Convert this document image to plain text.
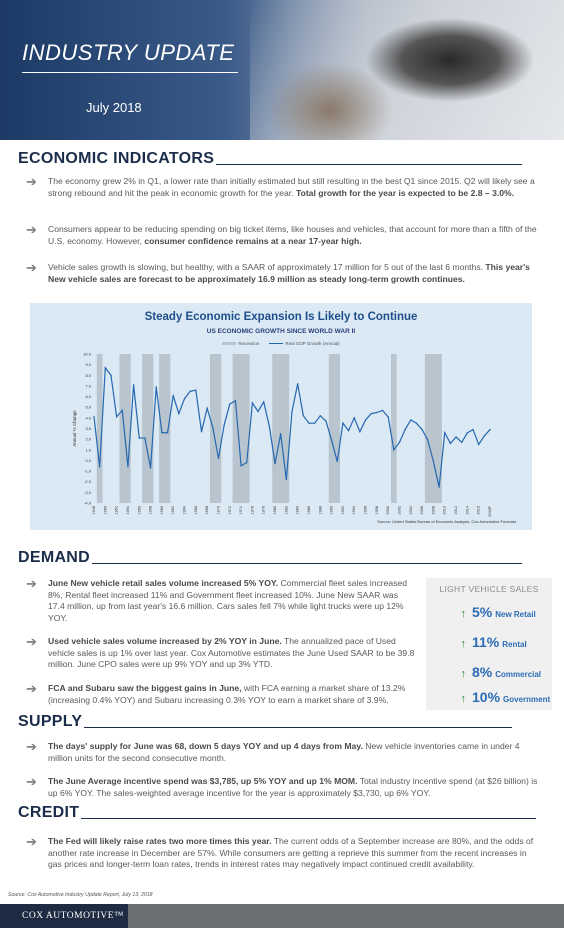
INDUSTRY UPDATE
July 2018
ECONOMIC INDICATORS
➔	The economy grew 2% in Q1, a lower rate than initially estimated but still resulting in the best Q1 since 2015. Q2 will likely see a strong rebound and hit the peak in economic growth for the year. Total growth for the year is expected to be 2.8 – 3.0%.
➔	Consumers appear to be reducing spending on big ticket items, like houses and vehicles, that account for more than a fifth of the U.S. economy. However, consumer confidence remains at a near 17-year high.
➔	Vehicle sales growth is slowing, but healthy, with a SAAR of approximately 17 million for 5 out of the last 6 months. This year's New vehicle sales are forecast to be approximately 16.9 million as steady long-term growth continues.
Steady Economic Expansion Is Likely to Continue
US ECONOMIC GROWTH SINCE WORLD WAR II
Recession	Real GDP Growth (Annual)
10.0
9.0
8.0
7.0
6.0
5.0
4.0
3.0
2.0
1.0
0.0
-1.0
-2.0
-3.0
-4.0
Annual % Change
1948 1950 1952 1954 1956 1958 1960 1962 1964 1966 1968 1970 1972 1974 1976 1978 1980 1982 1984 1986 1988 1990 1992 1994 1996 1998 2000 2002 2004 2006 2008 2010 2012 2014 2016 2018F
Source: United States Bureau of Economic Analysis, Cox Automotive Forecast
DEMAND
➔	June New vehicle retail sales volume increased 5% YOY. Commercial fleet sales increased 8%, Rental fleet increased 11% and Government fleet increased 10%. June New SAAR was 17.4 million, up from last year's 16.6 million. Cars sales fell 7% while light trucks were up 12% YOY.
➔	Used vehicle sales volume increased by 2% YOY in June. The annualized pace of Used vehicle sales is up 1% over last year. Cox Automotive estimates the June Used SAAR to be 39.8 million. June CPO sales were up 9% YOY and up 3% YTD.
➔	FCA and Subaru saw the biggest gains in June, with FCA earning a market share of 13.2% (increasing 0.4% YOY) and Subaru increasing 0.3% YOY to earn a market share of 3.9%.
LIGHT VEHICLE SALES
↑ 5% New Retail
↑ 11% Rental
↑ 8% Commercial
↑ 10% Government
SUPPLY
➔	The days' supply for June was 68, down 5 days YOY and up 4 days from May. New vehicle inventories came in under 4 million units for the second consecutive month.
➔	The June Average incentive spend was $3,785, up 5% YOY and up 1% MOM. Total industry incentive spend (at $26 billion) is up 6% YOY. The sales-weighted average incentive for the year is approximately $3,730, up 6% YOY.
CREDIT
➔	The Fed will likely raise rates two more times this year. The current odds of a September increase are 80%, and the odds of another rate increase in December are 57%. While consumers are getting a reprieve this summer from the recent increases in gas prices and longer-term loan rates, trends in interest rates may negatively impact continued credit availability.
Source: Cox Automotive Industry Update Report, July 13, 2018
COX AUTOMOTIVE™
